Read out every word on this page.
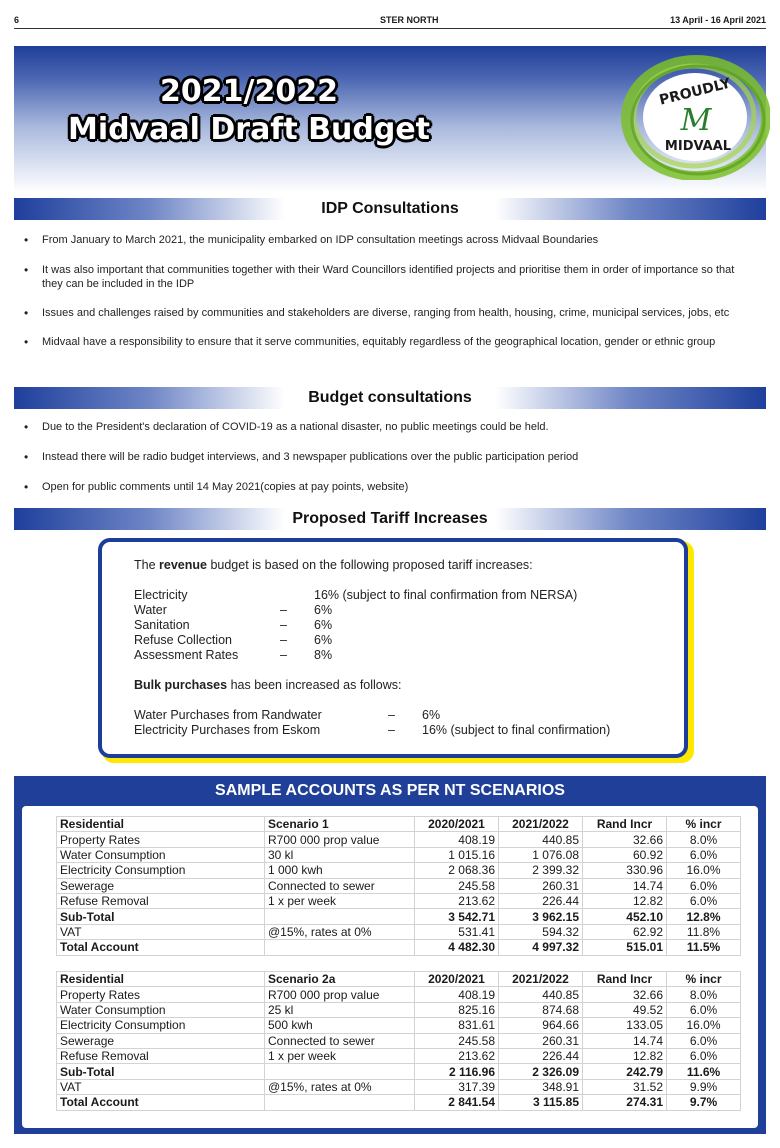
6	STER NORTH	13 April - 16 April 2021
2021/2022
Midvaal Draft Budget
PROUDLY
M
MIDVAAL
IDP Consultations
• From January to March 2021, the municipality embarked on IDP consultation meetings across Midvaal Boundaries
• It was also important that communities together with their Ward Councillors identified projects and prioritise them in order of importance so that they can be included in the IDP
• Issues and challenges raised by communities and stakeholders are diverse, ranging from health, housing, crime, municipal services, jobs, etc
• Midvaal have a responsibility to ensure that it serve communities, equitably regardless of the geographical location, gender or ethnic group
Budget consultations
• Due to the President's declaration of COVID-19 as a national disaster, no public meetings could be held.
• Instead there will be radio budget interviews, and 3 newspaper publications over the public participation period
• Open for public comments until 14 May 2021(copies at pay points, website)
Proposed Tariff Increases
The revenue budget is based on the following proposed tariff increases:
Electricity	16% (subject to final confirmation from NERSA)
Water	– 6%
Sanitation	– 6%
Refuse Collection	– 6%
Assessment Rates	– 8%
Bulk purchases has been increased as follows:
Water Purchases from Randwater	– 6%
Electricity Purchases from Eskom	– 16% (subject to final confirmation)
SAMPLE ACCOUNTS AS PER NT SCENARIOS
Residential	Scenario 1	2020/2021	2021/2022	Rand Incr	% incr
Property Rates	R700 000 prop value	408.19	440.85	32.66	8.0%
Water Consumption	30 kl	1 015.16	1 076.08	60.92	6.0%
Electricity Consumption	1 000 kwh	2 068.36	2 399.32	330.96	16.0%
Sewerage	Connected to sewer	245.58	260.31	14.74	6.0%
Refuse Removal	1 x per week	213.62	226.44	12.82	6.0%
Sub-Total		3 542.71	3 962.15	452.10	12.8%
VAT	@15%, rates at 0%	531.41	594.32	62.92	11.8%
Total Account		4 482.30	4 997.32	515.01	11.5%
Residential	Scenario 2a	2020/2021	2021/2022	Rand Incr	% incr
Property Rates	R700 000 prop value	408.19	440.85	32.66	8.0%
Water Consumption	25 kl	825.16	874.68	49.52	6.0%
Electricity Consumption	500 kwh	831.61	964.66	133.05	16.0%
Sewerage	Connected to sewer	245.58	260.31	14.74	6.0%
Refuse Removal	1 x per week	213.62	226.44	12.82	6.0%
Sub-Total		2 116.96	2 326.09	242.79	11.6%
VAT	@15%, rates at 0%	317.39	348.91	31.52	9.9%
Total Account		2 841.54	3 115.85	274.31	9.7%
